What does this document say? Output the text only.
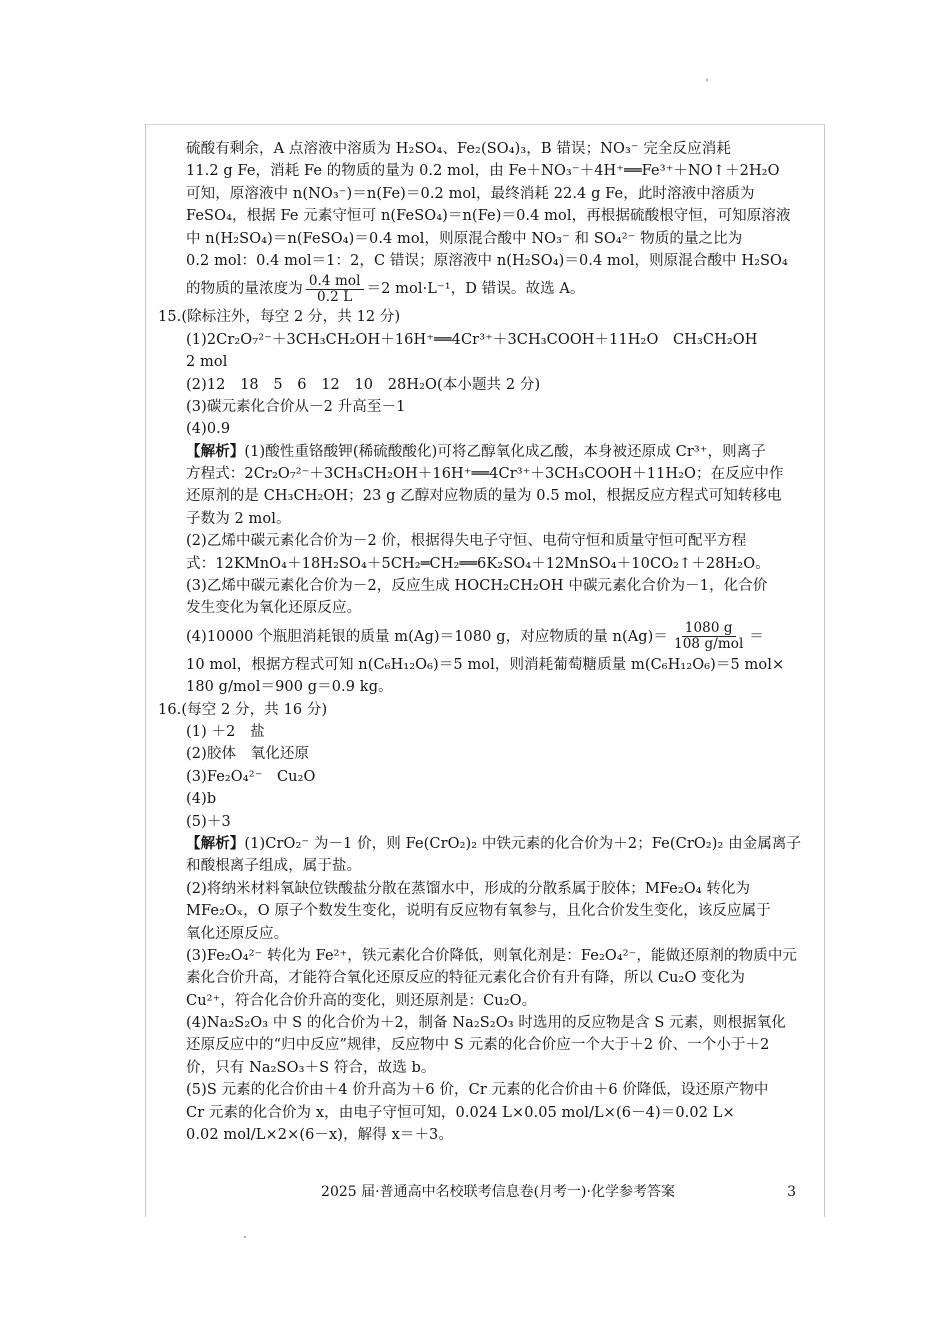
硫酸有剩余，A 点溶液中溶质为 H₂SO₄、Fe₂(SO₄)₃，B 错误；NO₃⁻ 完全反应消耗
11.2 g Fe，消耗 Fe 的物质的量为 0.2 mol，由 Fe＋NO₃⁻＋4H⁺══Fe³⁺＋NO↑＋2H₂O
可知，原溶液中 n(NO₃⁻)＝n(Fe)＝0.2 mol，最终消耗 22.4 g Fe，此时溶液中溶质为
FeSO₄，根据 Fe 元素守恒可 n(FeSO₄)＝n(Fe)＝0.4 mol，再根据硫酸根守恒，可知原溶液
中 n(H₂SO₄)＝n(FeSO₄)＝0.4 mol，则原混合酸中 NO₃⁻ 和 SO₄²⁻ 物质的量之比为
0.2 mol：0.4 mol＝1：2，C 错误；原溶液中 n(H₂SO₄)＝0.4 mol，则原混合酸中 H₂SO₄
的物质的量浓度为 $\frac{\text{0.4 mol}}{0.2 L} =2$ mol·L⁻¹，D 错误。故选 A。
15.(除标注外，每空 2 分，共 12 分)
(1)2Cr₂O₇²⁻＋3CH₃CH₂OH＋16H⁺══4Cr³⁺＋3CH₃COOH＋11H₂O　CH₃CH₂OH
2 mol
(2)12　18　5　6　12　10　28H₂O(本小题共 2 分)
(3)碳元素化合价从－2 升高至－1
(4)0.9
【解析】(1)酸性重铬酸钾(稀硫酸酸化)可将乙醇氧化成乙酸，本身被还原成 Cr³⁺，则离子
方程式：2Cr₂O₇²⁻＋3CH₃CH₂OH＋16H⁺══4Cr³⁺＋3CH₃COOH＋11H₂O；在反应中作
还原剂的是 CH₃CH₂OH；23 g 乙醇对应物质的量为 0.5 mol，根据反应方程式可知转移电
子数为 2 mol。
(2)乙烯中碳元素化合价为－2 价，根据得失电子守恒、电荷守恒和质量守恒可配平方程
式：12KMnO₄＋18H₂SO₄＋5CH₂═CH₂══6K₂SO₄＋12MnSO₄＋10CO₂↑＋28H₂O。
(3)乙烯中碳元素化合价为－2，反应生成 HOCH₂CH₂OH 中碳元素化合价为－1，化合价
发生变化为氧化还原反应。
(4)10000 个瓶胆消耗银的质量 m(Ag)＝1080 g，对应物质的量 $n(Ag)= \frac{1080 g}{\text{108 g/mol}}$ ＝
10 mol，根据方程式可知 n(C₆H₁₂O₆)＝5 mol，则消耗葡萄糖质量 m(C₆H₁₂O₆)＝5 mol×
180 g/mol＝900 g＝0.9 kg。
16.(每空 2 分，共 16 分)
(1) ＋2　盐
(2)胶体　氧化还原
(3)Fe₂O₄²⁻　Cu₂O
(4)b
(5)＋3
【解析】(1)CrO₂⁻ 为－1 价，则 Fe(CrO₂)₂ 中铁元素的化合价为＋2；Fe(CrO₂)₂ 由金属离子
和酸根离子组成，属于盐。
(2)将纳米材料氧缺位铁酸盐分散在蒸馏水中，形成的分散系属于胶体；MFe₂O₄ 转化为
MFe₂Oₓ，O 原子个数发生变化，说明有反应物有氧参与，且化合价发生变化，该反应属于
氧化还原反应。
(3)Fe₂O₄²⁻ 转化为 Fe²⁺，铁元素化合价降低，则氧化剂是：Fe₂O₄²⁻，能做还原剂的物质中元
素化合价升高，才能符合氧化还原反应的特征元素化合价有升有降，所以 Cu₂O 变化为
Cu²⁺，符合化合价升高的变化，则还原剂是：Cu₂O。
(4)Na₂S₂O₃ 中 S 的化合价为＋2，制备 Na₂S₂O₃ 时选用的反应物是含 S 元素，则根据氧化
还原反应中的“归中反应”规律，反应物中 S 元素的化合价应一个大于＋2 价、一个小于＋2
价，只有 Na₂SO₃＋S 符合，故选 b。
(5)S 元素的化合价由＋4 价升高为＋6 价，Cr 元素的化合价由＋6 价降低，设还原产物中
Cr 元素的化合价为 x，由电子守恒可知，0.024 L×0.05 mol/L×(6－4)＝0.02 L×
0.02 mol/L×2×(6－x)，解得 x＝＋3。
2025 届·普通高中名校联考信息卷(月考一)·化学参考答案	3
